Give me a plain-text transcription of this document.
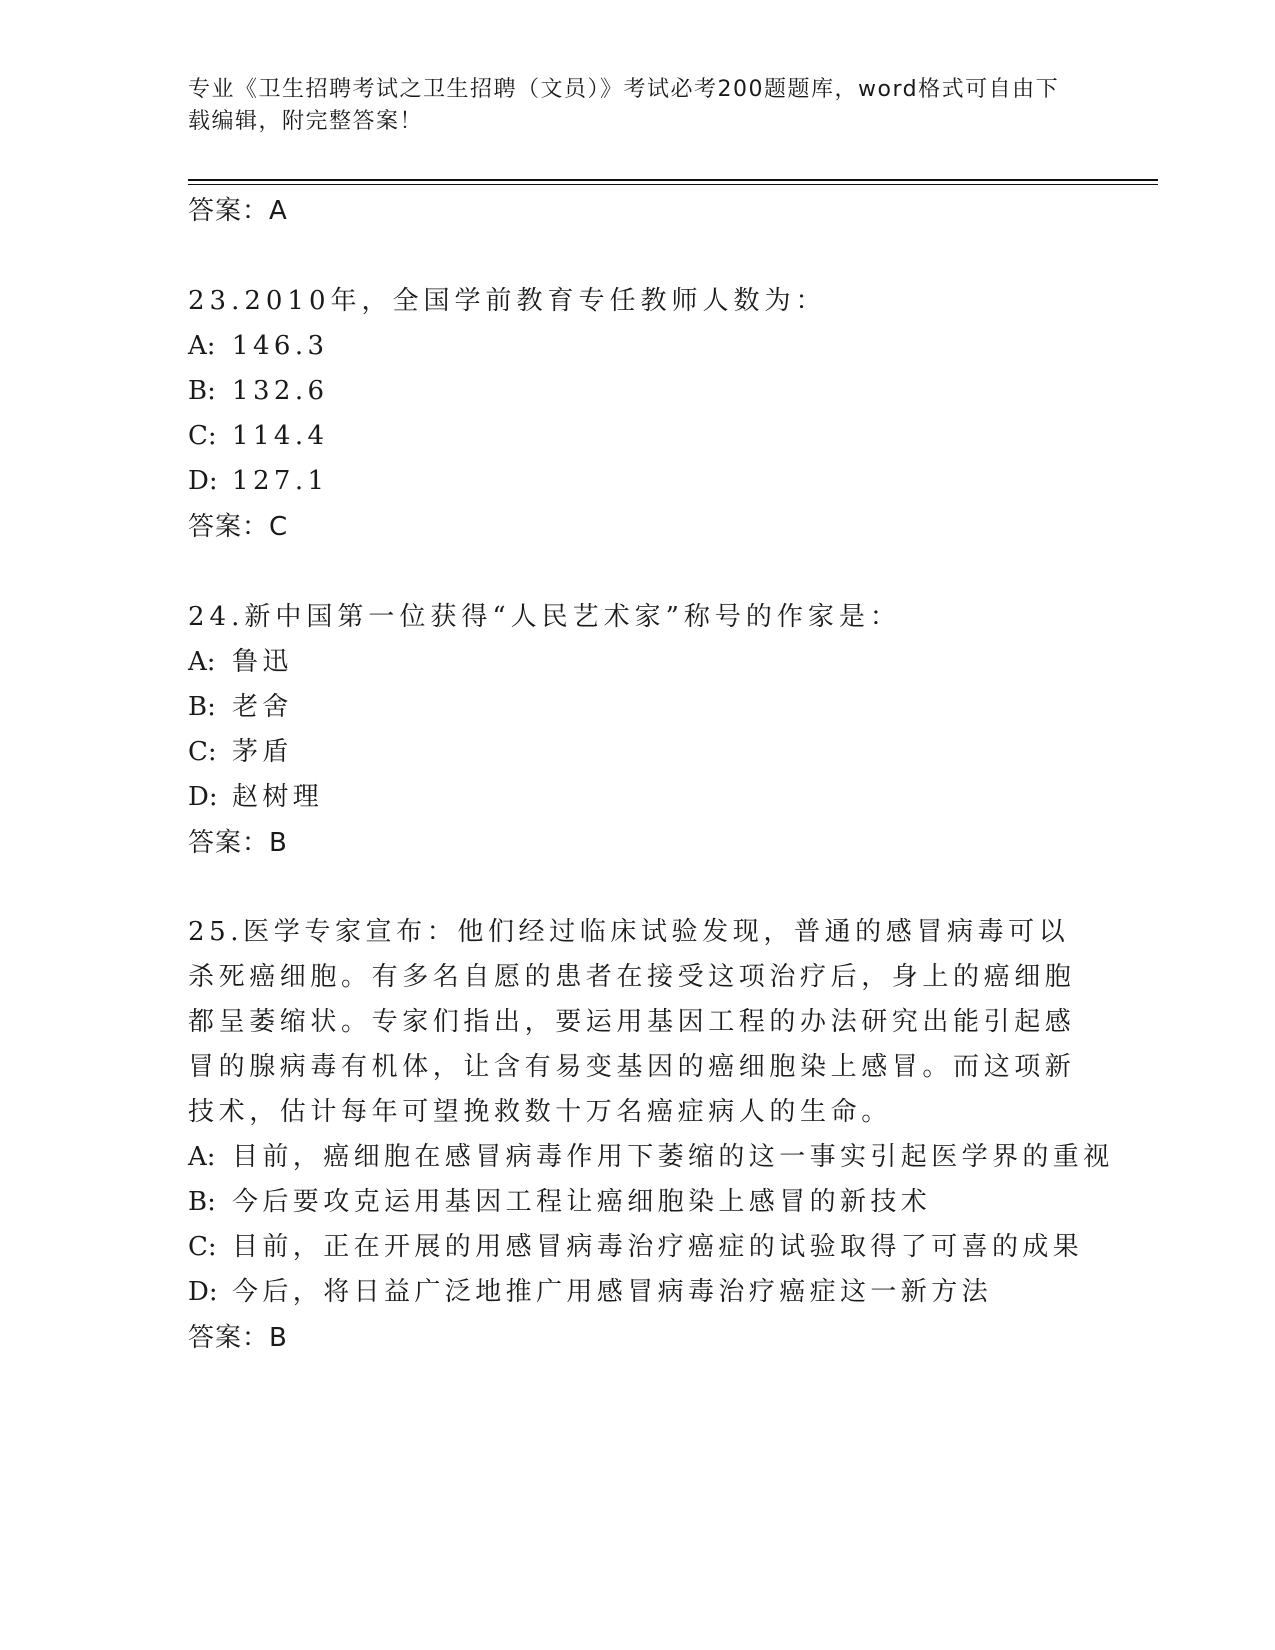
专业《卫生招聘考试之卫生招聘（文员）》考试必考200题题库，word格式可自由下载编辑，附完整答案！
答案：A
23.2010年，全国学前教育专任教师人数为：
A: 146.3
B: 132.6
C: 114.4
D: 127.1
答案：C
24.新中国第一位获得“人民艺术家”称号的作家是：
A: 鲁迅
B: 老舍
C: 茅盾
D: 赵树理
答案：B
25.医学专家宣布：他们经过临床试验发现，普通的感冒病毒可以杀死癌细胞。有多名自愿的患者在接受这项治疗后，身上的癌细胞都呈萎缩状。专家们指出，要运用基因工程的办法研究出能引起感冒的腺病毒有机体，让含有易变基因的癌细胞染上感冒。而这项新技术，估计每年可望挽救数十万名癌症病人的生命。
A: 目前，癌细胞在感冒病毒作用下萎缩的这一事实引起医学界的重视
B: 今后要攻克运用基因工程让癌细胞染上感冒的新技术
C: 目前，正在开展的用感冒病毒治疗癌症的试验取得了可喜的成果
D: 今后，将日益广泛地推广用感冒病毒治疗癌症这一新方法
答案：B
